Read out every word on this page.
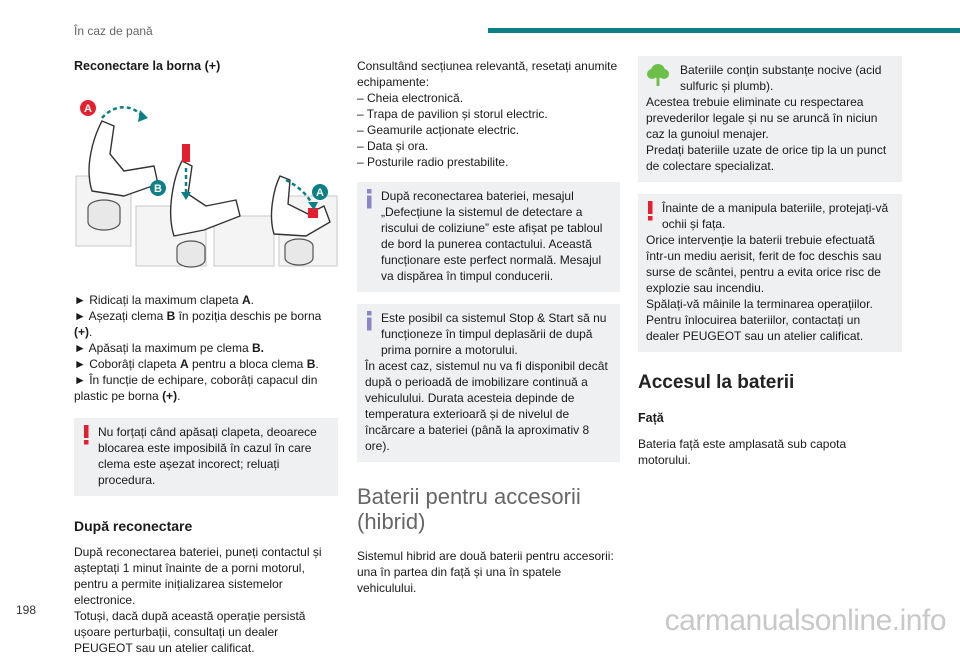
În caz de pană
Reconectare la borna (+)
A
B	A

► Ridicați la maximum clapeta A.

► Așezați clema B în poziția deschis pe borna (+).

► Apăsați la maximum pe clema B.

► Coborâți clapeta A pentru a bloca clema B.

► În funcție de echipare, coborâți capacul din plastic pe borna (+).

Nu forțați când apăsați clapeta, deoarece blocarea este imposibilă în cazul în care clema este așezat incorect; reluați procedura.

După reconectare

După reconectarea bateriei, puneți contactul și așteptați 1 minut înainte de a porni motorul, pentru a permite inițializarea sistemelor electronice.

Totuși, dacă după această operație persistă ușoare perturbații, consultați un dealer PEUGEOT sau un atelier calificat.

Consultând secțiunea relevantă, resetați anumite echipamente:

– Cheia electronică.

– Trapa de pavilion și storul electric.

– Geamurile acționate electric.

– Data și ora.

– Posturile radio prestabilite.

După reconectarea bateriei, mesajul „Defecțiune la sistemul de detectare a riscului de coliziune” este afișat pe tabloul de bord la punerea contactului. Această funcționare este perfect normală. Mesajul va dispărea în timpul conducerii.

Este posibil ca sistemul Stop & Start să nu funcționeze în timpul deplasării de după prima pornire a motorului.

În acest caz, sistemul nu va fi disponibil decât după o perioadă de imobilizare continuă a vehiculului. Durata acesteia depinde de temperatura exterioară și de nivelul de încărcare a bateriei (până la aproximativ 8 ore).

Baterii pentru accesorii (hibrid)

Sistemul hibrid are două baterii pentru accesorii: una în partea din față și una în spatele vehiculului.

Bateriile conțin substanțe nocive (acid sulfuric și plumb).

Acestea trebuie eliminate cu respectarea prevederilor legale și nu se aruncă în niciun caz la gunoiul menajer.

Predați bateriile uzate de orice tip la un punct de colectare specializat.

Înainte de a manipula bateriile, protejați-vă ochii și fața.

Orice intervenție la baterii trebuie efectuată într-un mediu aerisit, ferit de foc deschis sau surse de scântei, pentru a evita orice risc de explozie sau incendiu.

Spălați-vă mâinile la terminarea operațiilor.

Pentru înlocuirea bateriilor, contactați un dealer PEUGEOT sau un atelier calificat.

Accesul la baterii
Față

Bateria față este amplasată sub capota motorului.

198	carmanualsonline.info
